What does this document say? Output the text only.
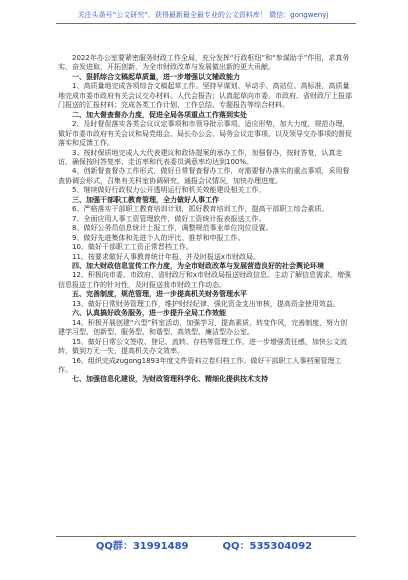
关注头条号“公文研究”，获得最新最全最专业的公文资料库！ 微信：gongwenyj

2022年办公室要紧密服务财政工作全局，充分发挥“行政枢纽”和“参谋助手”作用，求真务实，奋发进取，开拓创新，为全市财政改革与发展做出新的更大贡献。

一、狠抓综合文稿起草质量，进一步增强以文辅政能力

1、高质量地完成各项综合文稿起草工作。坚持早谋划、早动手、高站位、高标准，高质量地完成市委市政府有关会议交办材料、人代会报告；认真起草向市委、市政府、省财政厅上报部门报送的汇报材料；完成各类工作计划、工作总结、专题报告等综合材料。

二、加大督查督办力度，促进全局各项重点工作落到实处

2、及时督促落实各类会议议定事项和市领导批示事项。适应形势，加大力度，规范办理，做好市委市政府有关会议和局党组会、局长办公会、局务会议定事项、以及领导交办事项的督促落实和反馈工作。

3、按时保质地完成人大代表建议和政协提案的承办工作，加强督办，按时答复，认真走访，确保按时答复率、走访率和代表委员满意率均达到100%。

4、创新督查督办工作形式，做好日常督查督办工作，对需要督办落实的重点事项，采用督查协调会形式，召集有关科室协调研究，通报会议情况，加快办理进度。

5、继续做好行政权力公开透明运行和机关效能建设相关工作。

三、加强干部职工教育管理，全力做好人事工作

6、严格落实干部职工教育培训计划，抓好教育培训工作，提高干部职工综合素质。

7、全面应用人事工资管理软件，做好工资统计报表报送工作。

8、做好公务员信息统计上报工作，调整规范事业单位岗位设置。

9、做好先进集体和先进个人的评比、推荐和申报工作。

10、做好干部职工工资正常晋档工作。

11、按要求做好人事教育统计年报，并及时报送x市财政局。

四、加大财政信息宣传工作力度，为全市财政改革与发展营造良好的社会舆论环境

12、积极向市委、市政府、省财政厅和x市财政局报送财政信息。主动了解信息需求，增强信息报送工作的针对性，及时报送我市财政工作动态。

五、完善制度，规范管理，进一步提高机关财务管理水平

13、做好日常财务管理工作，维护财经纪律，强化资金支出审核，提高资金使用效益。

六、认真搞好政务服务，进一步提升全局工作效能

14、积极开展创建“六型”科室活动，加强学习，提高素质，转变作风，完善制度，努力创建学习型、创新型、服务型、和谐型、高效型、廉洁型办公室。

15、做好日常公文签收、登记、流转、存档等管理工作。进一步增强责任感，加快公文流转，做到万无一失，提高机关办文效率。

16、组织完成zugong1893年度文件资料立卷归档工作。做好干部职工人事档案管理工作。

七、加强信息化建设，为财政管理科学化、精细化提供技术支持

QQ群：31991489	QQ：535304092
